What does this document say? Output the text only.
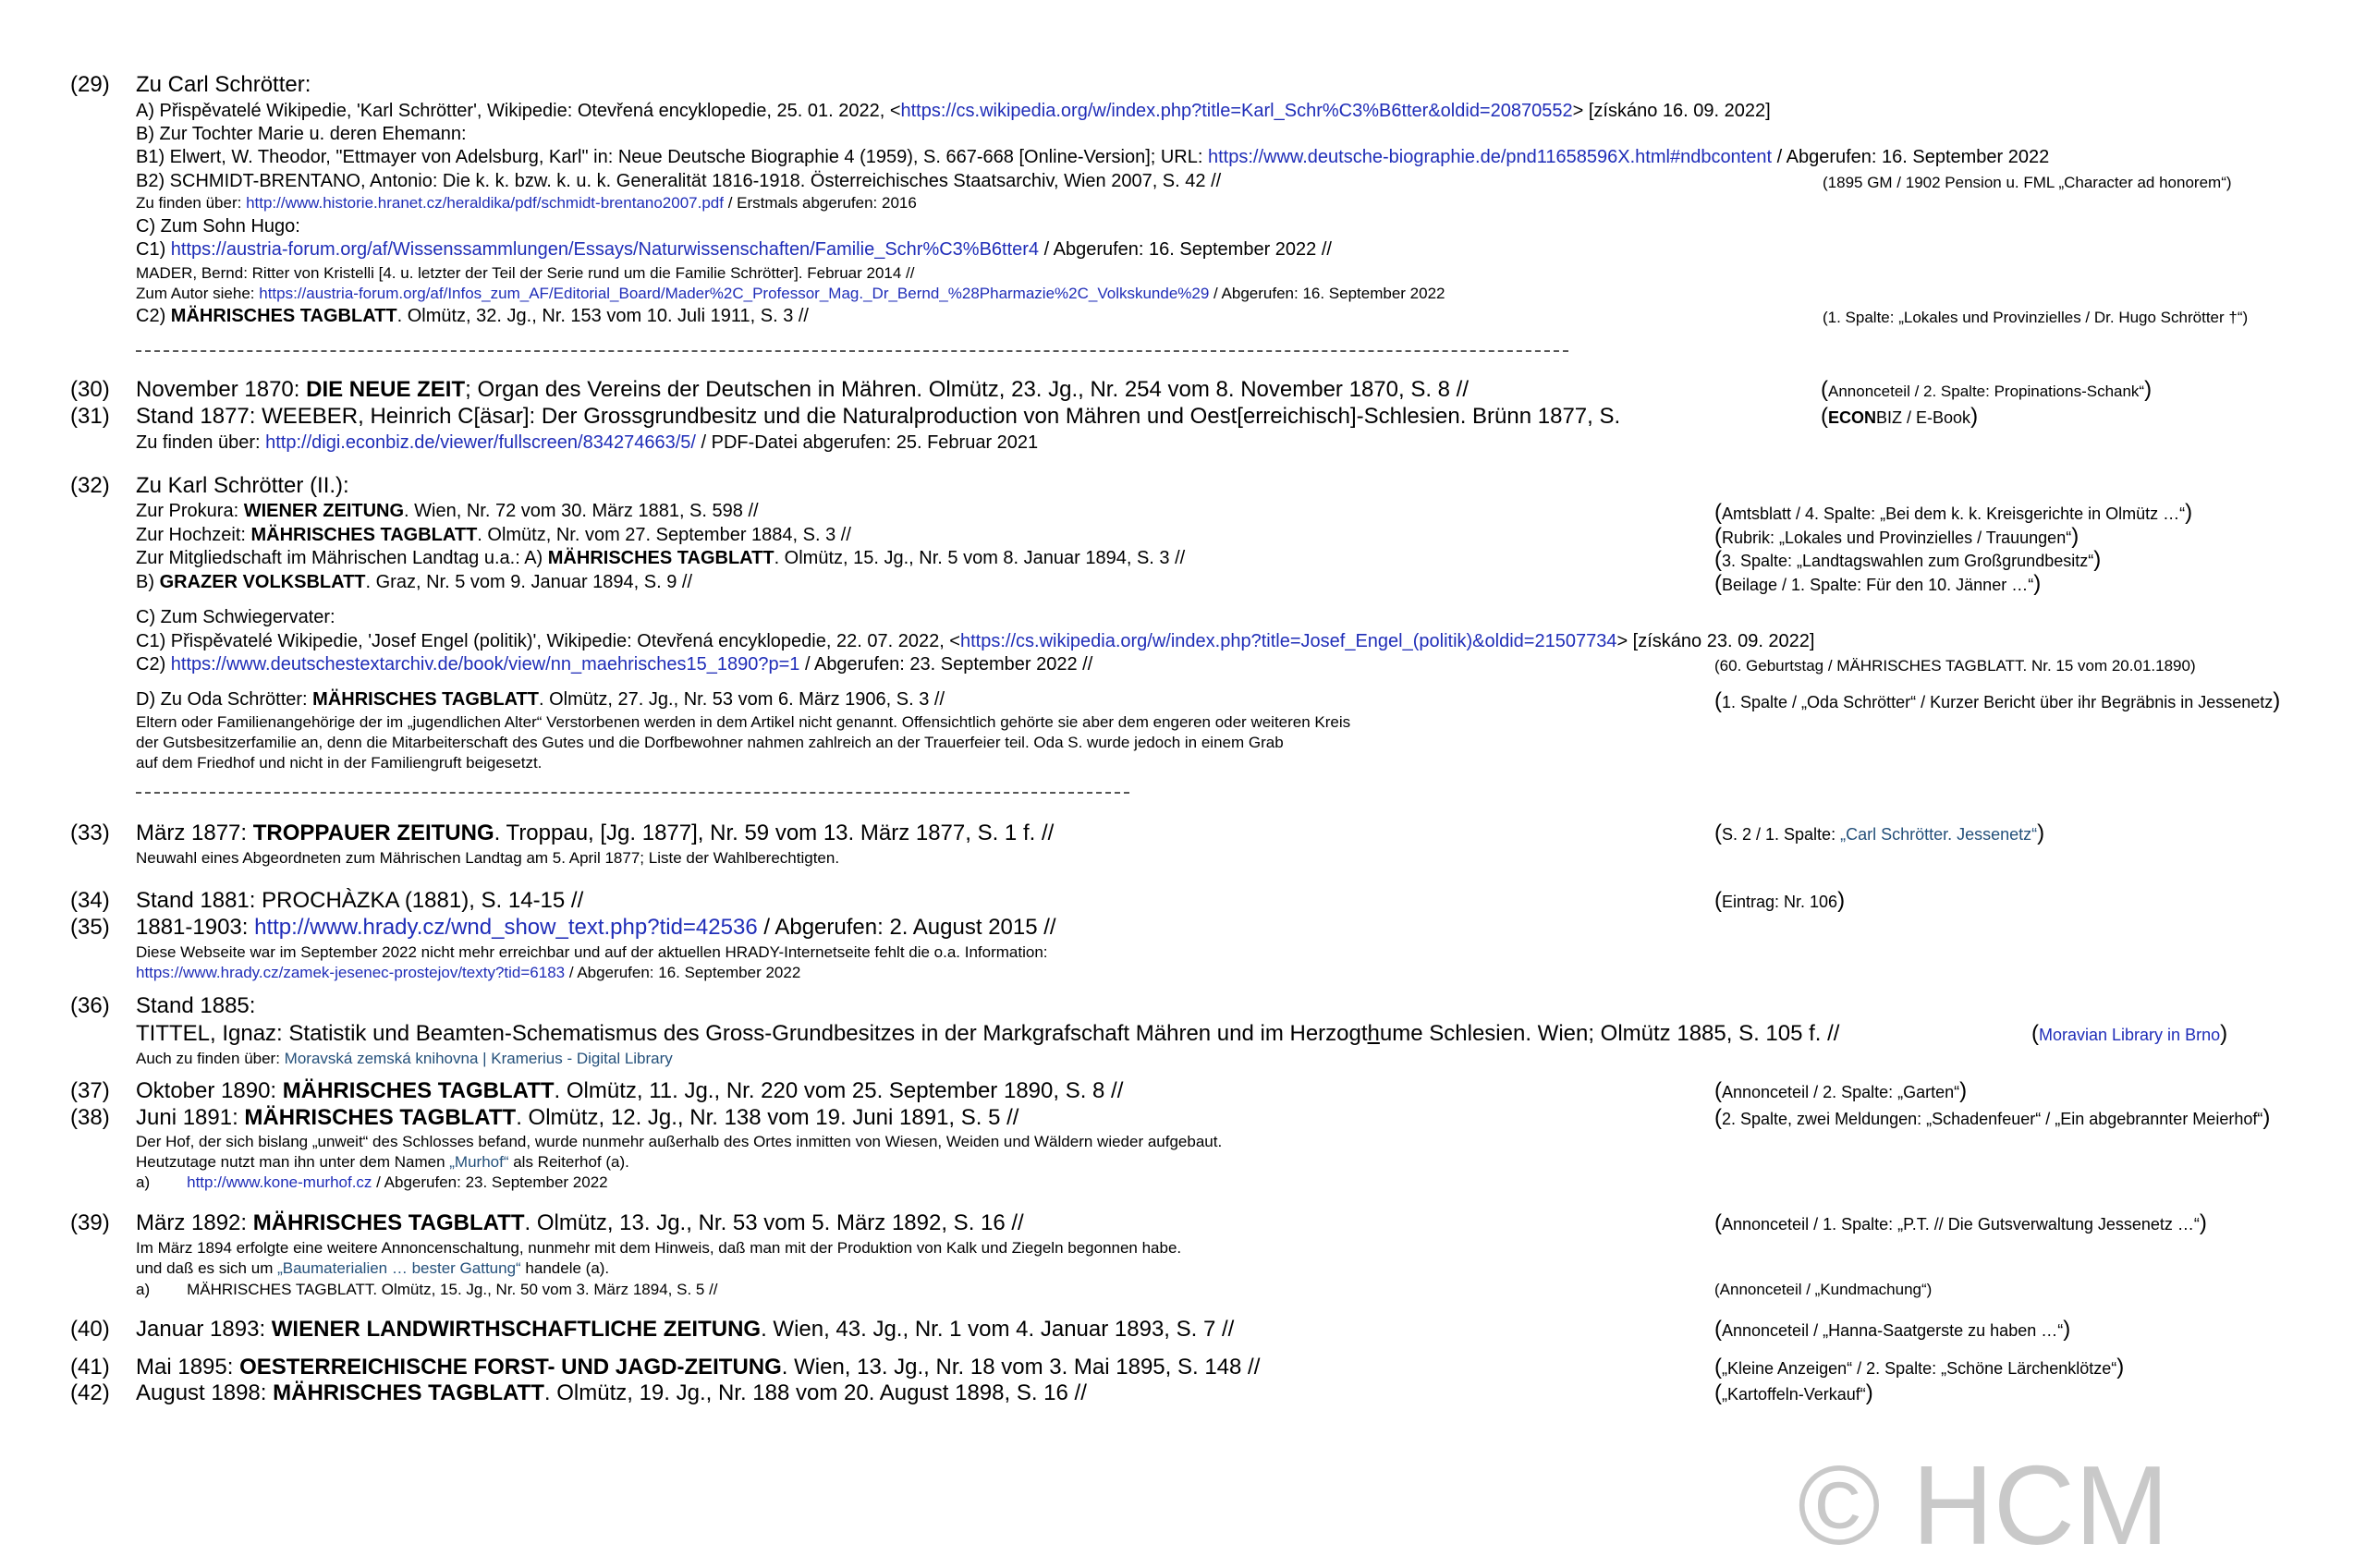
(29) Zu Carl Schrötter:
A) Přispěvatelé Wikipedie, 'Karl Schrötter', Wikipedie: Otevřená encyklopedie, 25. 01. 2022, <https://cs.wikipedia.org/w/index.php?title=Karl_Schr%C3%B6tter&oldid=20870552> [získáno 16. 09. 2022]
B) Zur Tochter Marie u. deren Ehemann:
B1) Elwert, W. Theodor, "Ettmayer von Adelsburg, Karl" in: Neue Deutsche Biographie 4 (1959), S. 667-668 [Online-Version]; URL: https://www.deutsche-biographie.de/pnd11658596X.html#ndbcontent / Abgerufen: 16. September 2022
B2) SCHMIDT-BRENTANO, Antonio: Die k. k. bzw. k. u. k. Generalität 1816-1918. Österreichisches Staatsarchiv, Wien 2007, S. 42 //	(1895 GM / 1902 Pension u. FML „Character ad honorem“)
Zu finden über: http://www.historie.hranet.cz/heraldika/pdf/schmidt-brentano2007.pdf / Erstmals abgerufen: 2016
C) Zum Sohn Hugo:
C1) https://austria-forum.org/af/Wissenssammlungen/Essays/Naturwissenschaften/Familie_Schr%C3%B6tter4 / Abgerufen: 16. September 2022 //
MADER, Bernd: Ritter von Kristelli [4. u. letzter der Teil der Serie rund um die Familie Schrötter]. Februar 2014 //
Zum Autor siehe: https://austria-forum.org/af/Infos_zum_AF/Editorial_Board/Mader%2C_Professor_Mag._Dr_Bernd_%28Pharmazie%2C_Volkskunde%29 / Abgerufen: 16. September 2022
C2) MÄHRISCHES TAGBLATT. Olmütz, 32. Jg., Nr. 153 vom 10. Juli 1911, S. 3 //	(1. Spalte: „Lokales und Provinzielles / Dr. Hugo Schrötter †“)
(30) November 1870: DIE NEUE ZEIT; Organ des Vereins der Deutschen in Mähren. Olmütz, 23. Jg., Nr. 254 vom 8. November 1870, S. 8 //	(Annonceteil / 2. Spalte: Propinations-Schank“)
(31) Stand 1877: WEEBER, Heinrich C[äsar]: Der Grossgrundbesitz und die Naturalproduction von Mähren und Oest[erreichisch]-Schlesien. Brünn 1877, S.	(ECONBIZ / E-Book)
Zu finden über: http://digi.econbiz.de/viewer/fullscreen/834274663/5/ / PDF-Datei abgerufen: 25. Februar 2021
(32) Zu Karl Schrötter (II.):
Zur Prokura: WIENER ZEITUNG. Wien, Nr. 72 vom 30. März 1881, S. 598 //	(Amtsblatt / 4. Spalte: „Bei dem k. k. Kreisgerichte in Olmütz …“)
Zur Hochzeit: MÄHRISCHES TAGBLATT. Olmütz, Nr. vom 27. September 1884, S. 3 //	(Rubrik: „Lokales und Provinzielles / Trauungen“)
Zur Mitgliedschaft im Mährischen Landtag u.a.: A) MÄHRISCHES TAGBLATT. Olmütz, 15. Jg., Nr. 5 vom 8. Januar 1894, S. 3 //	(3. Spalte: „Landtagswahlen zum Großgrundbesitz“)
B) GRAZER VOLKSBLATT. Graz, Nr. 5 vom 9. Januar 1894, S. 9 //	(Beilage / 1. Spalte: Für den 10. Jänner …“)
C) Zum Schwiegervater:
C1) Přispěvatelé Wikipedie, 'Josef Engel (politik)', Wikipedie: Otevřená encyklopedie, 22. 07. 2022, <https://cs.wikipedia.org/w/index.php?title=Josef_Engel_(politik)&oldid=21507734> [získáno 23. 09. 2022]
C2) https://www.deutschestextarchiv.de/book/view/nn_maehrisches15_1890?p=1 / Abgerufen: 23. September 2022 //	(60. Geburtstag / MÄHRISCHES TAGBLATT. Nr. 15 vom 20.01.1890)
D) Zu Oda Schrötter: MÄHRISCHES TAGBLATT. Olmütz, 27. Jg., Nr. 53 vom 6. März 1906, S. 3 //	(1. Spalte / „Oda Schrötter“ / Kurzer Bericht über ihr Begräbnis in Jessenetz)
Eltern oder Familienangehörige der im „jugendlichen Alter“ Verstorbenen werden in dem Artikel nicht genannt. Offensichtlich gehörte sie aber dem engeren oder weiteren Kreis
der Gutsbesitzerfamilie an, denn die Mitarbeiterschaft des Gutes und die Dorfbewohner nahmen zahlreich an der Trauerfeier teil. Oda S. wurde jedoch in einem Grab
auf dem Friedhof und nicht in der Familiengruft beigesetzt.
(33) März 1877: TROPPAUER ZEITUNG. Troppau, [Jg. 1877], Nr. 59 vom 13. März 1877, S. 1 f. //	(S. 2 / 1. Spalte: „Carl Schrötter. Jessenetz“)
Neuwahl eines Abgeordneten zum Mährischen Landtag am 5. April 1877; Liste der Wahlberechtigten.
(34) Stand 1881: PROCHÀZKA (1881), S. 14-15 //	(Eintrag: Nr. 106)
(35) 1881-1903: http://www.hrady.cz/wnd_show_text.php?tid=42536 / Abgerufen: 2. August 2015 //
Diese Webseite war im September 2022 nicht mehr erreichbar und auf der aktuellen HRADY-Internetseite fehlt die o.a. Information:
https://www.hrady.cz/zamek-jesenec-prostejov/texty?tid=6183 / Abgerufen: 16. September 2022
(36) Stand 1885:
TITTEL, Ignaz: Statistik und Beamten-Schematismus des Gross-Grundbesitzes in der Markgrafschaft Mähren und im Herzogthume Schlesien. Wien; Olmütz 1885, S. 105 f. //	(Moravian Library in Brno)
Auch zu finden über: Moravská zemská knihovna | Kramerius - Digital Library
(37) Oktober 1890: MÄHRISCHES TAGBLATT. Olmütz, 11. Jg., Nr. 220 vom 25. September 1890, S. 8 //	(Annonceteil / 2. Spalte: „Garten“)
(38) Juni 1891: MÄHRISCHES TAGBLATT. Olmütz, 12. Jg., Nr. 138 vom 19. Juni 1891, S. 5 //	(2. Spalte, zwei Meldungen: „Schadenfeuer“ / „Ein abgebrannter Meierhof“)
Der Hof, der sich bislang „unweit“ des Schlosses befand, wurde nunmehr außerhalb des Ortes inmitten von Wiesen, Weiden und Wäldern wieder aufgebaut.
Heutzutage nutzt man ihn unter dem Namen „Murhof“ als Reiterhof (a).
a) http://www.kone-murhof.cz / Abgerufen: 23. September 2022
(39) März 1892: MÄHRISCHES TAGBLATT. Olmütz, 13. Jg., Nr. 53 vom 5. März 1892, S. 16 //	(Annonceteil / 1. Spalte: „P.T. // Die Gutsverwaltung Jessenetz …“)
Im März 1894 erfolgte eine weitere Annoncenschaltung, nunmehr mit dem Hinweis, daß man mit der Produktion von Kalk und Ziegeln begonnen habe.
und daß es sich um „Baumaterialien … bester Gattung“ handele (a).
a) MÄHRISCHES TAGBLATT. Olmütz, 15. Jg., Nr. 50 vom 3. März 1894, S. 5 //	(Annonceteil / „Kundmachung“)
(40) Januar 1893: WIENER LANDWIRTHSCHAFTLICHE ZEITUNG. Wien, 43. Jg., Nr. 1 vom 4. Januar 1893, S. 7 //	(Annonceteil / „Hanna-Saatgerste zu haben …“)
(41) Mai 1895: OESTERREICHISCHE FORST- UND JAGD-ZEITUNG. Wien, 13. Jg., Nr. 18 vom 3. Mai 1895, S. 148 //	(„Kleine Anzeigen“ / 2. Spalte: „Schöne Lärchenklötze“)
(42) August 1898: MÄHRISCHES TAGBLATT. Olmütz, 19. Jg., Nr. 188 vom 20. August 1898, S. 16 //	(„Kartoffeln-Verkauf“)
© HCM
